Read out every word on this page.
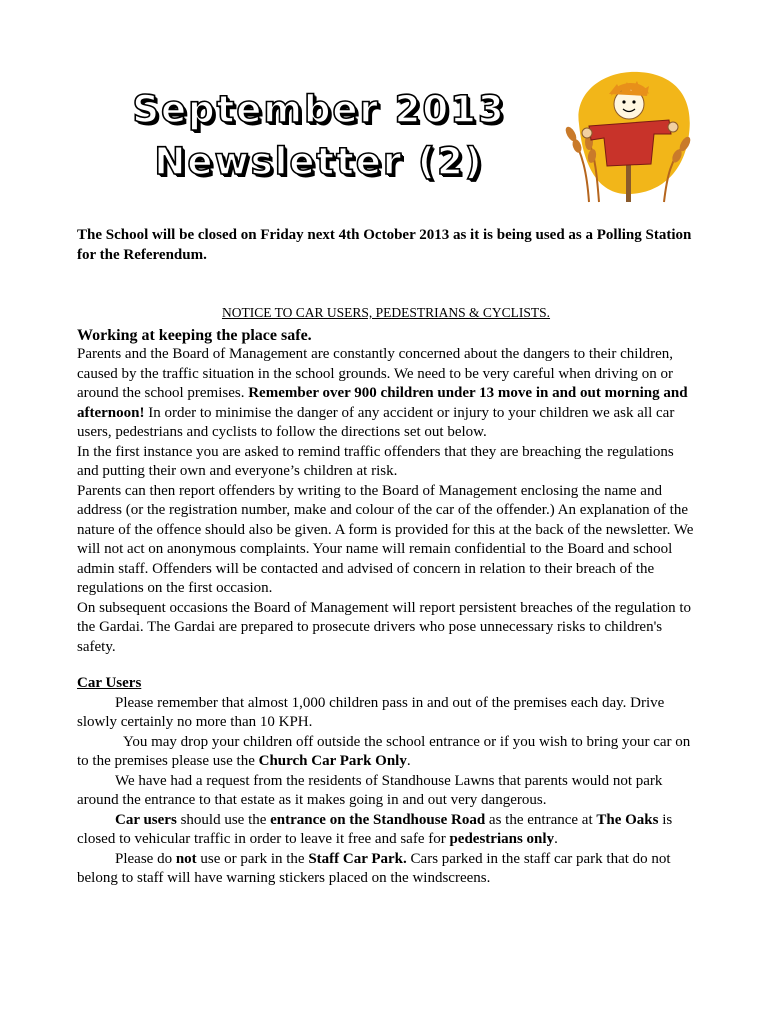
September 2013
Newsletter (2)

The School will be closed on Friday next 4th October 2013 as it is being used as a Polling Station for the Referendum.

NOTICE TO CAR USERS, PEDESTRIANS & CYCLISTS.

Working at keeping the place safe.

Parents and the Board of Management are constantly concerned about the dangers to their children, caused by the traffic situation in the school grounds. We need to be very careful when driving on or around the school premises. Remember over 900 children under 13 move in and out morning and afternoon! In order to minimise the danger of any accident or injury to your children we ask all car users, pedestrians and cyclists to follow the directions set out below.

In the first instance you are asked to remind traffic offenders that they are breaching the regulations and putting their own and everyone’s children at risk.

Parents can then report offenders by writing to the Board of Management enclosing the name and address (or the registration number, make and colour of the car of the offender.) An explanation of the nature of the offence should also be given. A form is provided for this at the back of the newsletter. We will not act on anonymous complaints. Your name will remain confidential to the Board and school admin staff. Offenders will be contacted and advised of concern in relation to their breach of the regulations on the first occasion.

On subsequent occasions the Board of Management will report persistent breaches of the regulation to the Gardai. The Gardai are prepared to prosecute drivers who pose unnecessary risks to children's safety.

Car Users

Please remember that almost 1,000 children pass in and out of the premises each day. Drive slowly certainly no more than 10 KPH.

You may drop your children off outside the school entrance or if you wish to bring your car on to the premises please use the Church Car Park Only.

We have had a request from the residents of Standhouse Lawns that parents would not park around the entrance to that estate as it makes going in and out very dangerous.

Car users should use the entrance on the Standhouse Road as the entrance at The Oaks is closed to vehicular traffic in order to leave it free and safe for pedestrians only.

Please do not use or park in the Staff Car Park. Cars parked in the staff car park that do not belong to staff will have warning stickers placed on the windscreens.
